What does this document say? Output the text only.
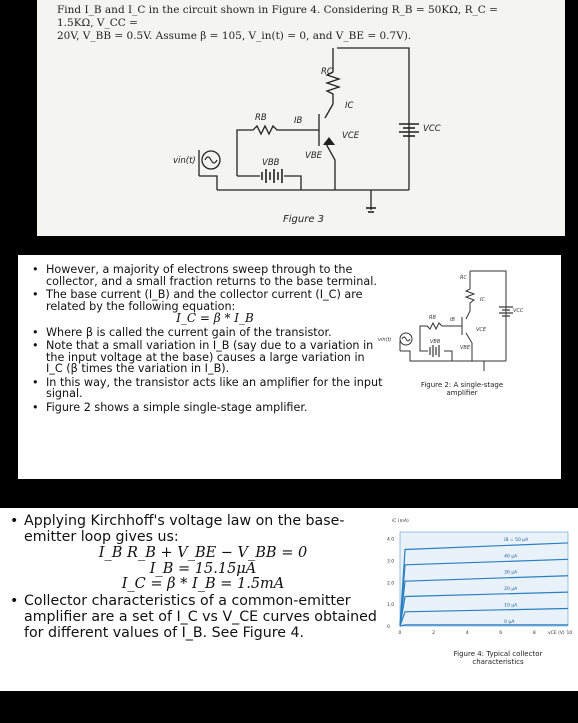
Find I_B and I_C in the circuit shown in Figure 4. Considering R_B = 50KΩ, R_C = 1.5KΩ, V_CC =
20V, V_BB = 0.5V. Assume β = 105, V_in(t) = 0, and V_BE = 0.7V).
RC
IC
RB	IB
VCE
VBE
VBB
vin(t)
VCC
Figure 3
• However, a majority of electrons sweep through to the collector, and a small fraction returns to the base terminal.
• The base current (I_B) and the collector current (I_C) are related by the following equation:
I_C = β * I_B
• Where β is called the current gain of the transistor.
• Note that a small variation in I_B (say due to a variation in the input voltage at the base) causes a large variation in I_C (β times the variation in I_B).
• In this way, the transistor acts like an amplifier for the input signal.
• Figure 2 shows a simple single-stage amplifier.
RC
IC
RB	IB
VCE
VBE
VBB
vin(t)
VCC
Figure 2: A single-stage
amplifier
• Applying Kirchhoff's voltage law on the base-emitter loop gives us:
I_B R_B + V_BE − V_BB = 0
I_B = 15.15μA
I_C = β * I_B = 1.5mA
• Collector characteristics of a common-emitter amplifier are a set of I_C vs V_CE curves obtained for different values of I_B. See Figure 4.
iB = 50 μA
40 μA
30 μA
20 μA
10 μA
0 μA
0	2	4	6	8	10
0
1.0
2.0
3.0
4.0
vCE (V)
iC (mA)
Figure 4: Typical collector
characteristics
